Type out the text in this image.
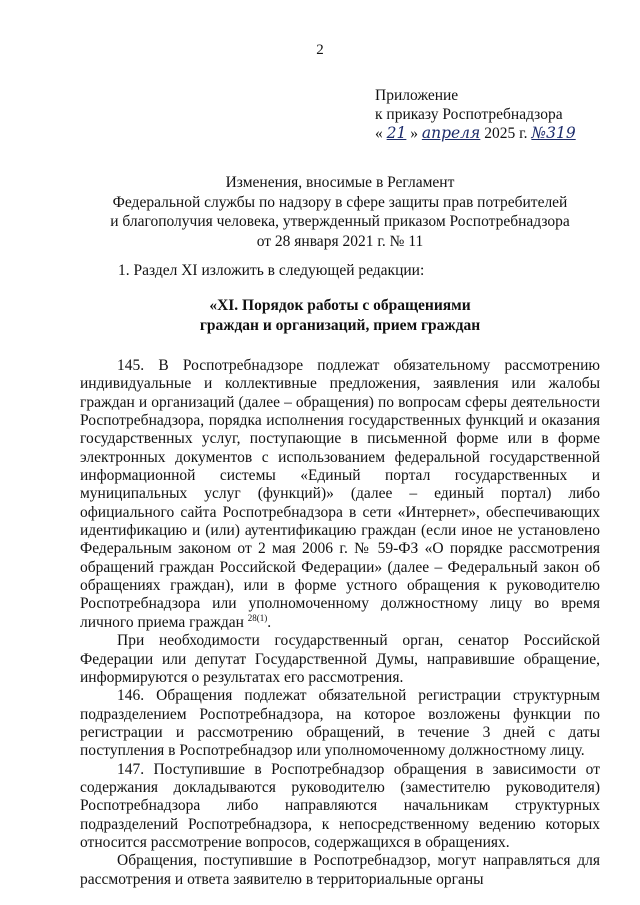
2
Приложение
к приказу Роспотребнадзора
« 21 » апреля 2025 г. №319
Изменения, вносимые в Регламент
Федеральной службы по надзору в сфере защиты прав потребителей
и благополучия человека, утвержденный приказом Роспотребнадзора
от 28 января 2021 г. № 11
1. Раздел XI изложить в следующей редакции:
«XI. Порядок работы с обращениями
граждан и организаций, прием граждан

145. В Роспотребнадзоре подлежат обязательному рассмотрению индивидуальные и коллективные предложения, заявления или жалобы граждан и организаций (далее – обращения) по вопросам сферы деятельности Роспотребнадзора, порядка исполнения государственных функций и оказания государственных услуг, поступающие в письменной форме или в форме электронных документов с использованием федеральной государственной информационной системы «Единый портал государственных и муниципальных услуг (функций)» (далее – единый портал) либо официального сайта Роспотребнадзора в сети «Интернет», обеспечивающих идентификацию и (или) аутентификацию граждан (если иное не установлено Федеральным законом от 2 мая 2006 г. № 59-ФЗ «О порядке рассмотрения обращений граждан Российской Федерации» (далее – Федеральный закон об обращениях граждан), или в форме устного обращения к руководителю Роспотребнадзора или уполномоченному должностному лицу во время личного приема граждан $^{28(1)}$.

При необходимости государственный орган, сенатор Российской Федерации или депутат Государственной Думы, направившие обращение, информируются о результатах его рассмотрения.

146. Обращения подлежат обязательной регистрации структурным подразделением Роспотребнадзора, на которое возложены функции по регистрации и рассмотрению обращений, в течение 3 дней с даты поступления в Роспотребнадзор или уполномоченному должностному лицу.

147. Поступившие в Роспотребнадзор обращения в зависимости от содержания докладываются руководителю (заместителю руководителя) Роспотребнадзора либо направляются начальникам структурных подразделений Роспотребнадзора, к непосредственному ведению которых относится рассмотрение вопросов, содержащихся в обращениях.

Обращения, поступившие в Роспотребнадзор, могут направляться для рассмотрения и ответа заявителю в территориальные органы
